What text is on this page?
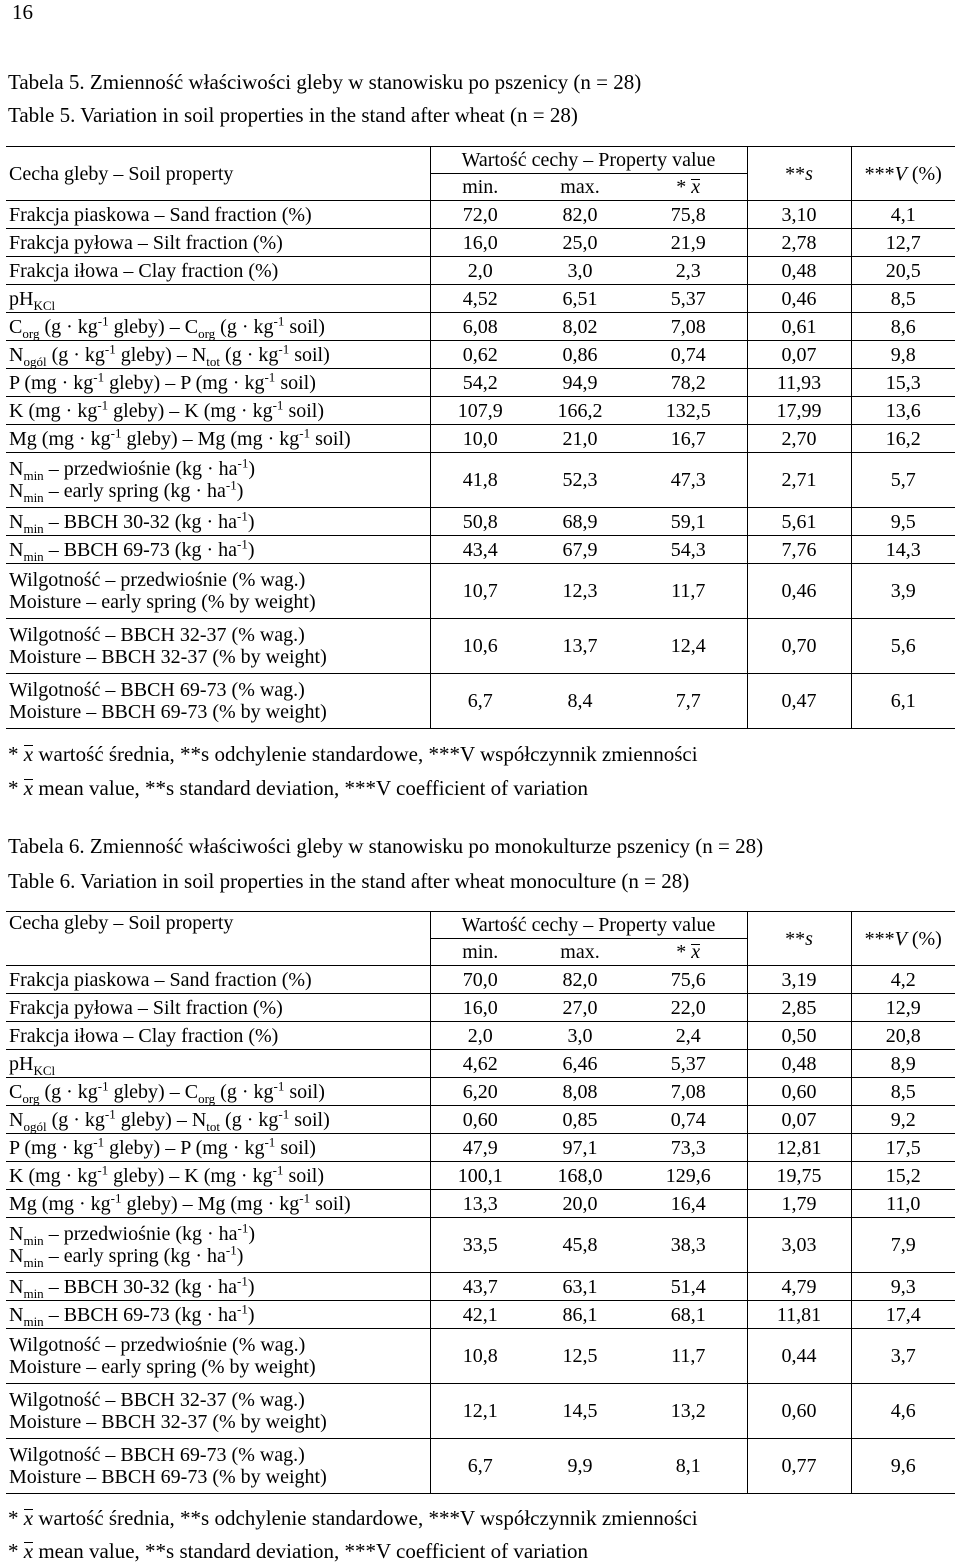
16
Tabela 5. Zmienność właściwości gleby w stanowisku po pszenicy (n = 28)
Table 5. Variation in soil properties in the stand after wheat (n = 28)
Cecha gleby – Soil property	Wartość cechy – Property value			**s	***V (%)
	min.	max.	* x		
Frakcja piaskowa – Sand fraction (%)	72,0	82,0	75,8	3,10	4,1
Frakcja pyłowa – Silt fraction (%)	16,0	25,0	21,9	2,78	12,7
Frakcja iłowa – Clay fraction (%)	2,0	3,0	2,3	0,48	20,5
$pH_{KCl}$	4,52	6,51	5,37	0,46	8,5
$C_{org}$ ($g \cdot kg^{-1}$ gleby) – $C_{org}$ ($g \cdot kg^{-1}$ soil)	6,08	8,02	7,08	0,61	8,6
$N_{ogól}$ ($g \cdot kg^{-1}$ gleby) – $N_{tot}$ ($g \cdot kg^{-1}$ soil)	0,62	0,86	0,74	0,07	9,8
P ($mg \cdot kg^{-1}$ gleby) – P ($mg \cdot kg^{-1}$ soil)	54,2	94,9	78,2	11,93	15,3
K ($mg \cdot kg^{-1}$ gleby) – K ($mg \cdot kg^{-1}$ soil)	107,9	166,2	132,5	17,99	13,6
Mg ($mg \cdot kg^{-1}$ gleby) – Mg ($mg \cdot kg^{-1}$ soil)	10,0	21,0	16,7	2,70	16,2
$N_{min}$ – przedwiośnie $(kg \cdot ha^{-1})$
$N_{min}$ – early spring $(kg \cdot ha^{-1})$	41,8	52,3	47,3	2,71	5,7
$N_{min}$ – BBCH 30-32 $(kg \cdot ha^{-1})$	50,8	68,9	59,1	5,61	9,5
$N_{min}$ – BBCH 69-73 $(kg \cdot ha^{-1})$	43,4	67,9	54,3	7,76	14,3
Wilgotność – przedwiośnie (% wag.)
Moisture – early spring (% by weight)	10,7	12,3	11,7	0,46	3,9
Wilgotność – BBCH 32-37 (% wag.)
Moisture – BBCH 32-37 (% by weight)	10,6	13,7	12,4	0,70	5,6
Wilgotność – BBCH 69-73 (% wag.)
Moisture – BBCH 69-73 (% by weight)	6,7	8,4	7,7	0,47	6,1
* x wartość średnia, **s odchylenie standardowe, ***V współczynnik zmienności
* x mean value, **s standard deviation, ***V coefficient of variation
Tabela 6. Zmienność właściwości gleby w stanowisku po monokulturze pszenicy (n = 28)
Table 6. Variation in soil properties in the stand after wheat monoculture (n = 28)
Cecha gleby – Soil property	Wartość cechy – Property value			**s	***V (%)
	min.	max.	* x		
Frakcja piaskowa – Sand fraction (%)	70,0	82,0	75,6	3,19	4,2
Frakcja pyłowa – Silt fraction (%)	16,0	27,0	22,0	2,85	12,9
Frakcja iłowa – Clay fraction (%)	2,0	3,0	2,4	0,50	20,8
$pH_{KCl}$	4,62	6,46	5,37	0,48	8,9
$C_{org}$ ($g \cdot kg^{-1}$ gleby) – $C_{org}$ ($g \cdot kg^{-1}$ soil)	6,20	8,08	7,08	0,60	8,5
$N_{ogól}$ ($g \cdot kg^{-1}$ gleby) – $N_{tot}$ ($g \cdot kg^{-1}$ soil)	0,60	0,85	0,74	0,07	9,2
P ($mg \cdot kg^{-1}$ gleby) – P ($mg \cdot kg^{-1}$ soil)	47,9	97,1	73,3	12,81	17,5
K ($mg \cdot kg^{-1}$ gleby) – K ($mg \cdot kg^{-1}$ soil)	100,1	168,0	129,6	19,75	15,2
Mg ($mg \cdot kg^{-1}$ gleby) – Mg ($mg \cdot kg^{-1}$ soil)	13,3	20,0	16,4	1,79	11,0
$N_{min}$ – przedwiośnie $(kg \cdot ha^{-1})$
$N_{min}$ – early spring $(kg \cdot ha^{-1})$	33,5	45,8	38,3	3,03	7,9
$N_{min}$ – BBCH 30-32 $(kg \cdot ha^{-1})$	43,7	63,1	51,4	4,79	9,3
$N_{min}$ – BBCH 69-73 $(kg \cdot ha^{-1})$	42,1	86,1	68,1	11,81	17,4
Wilgotność – przedwiośnie (% wag.)
Moisture – early spring (% by weight)	10,8	12,5	11,7	0,44	3,7
Wilgotność – BBCH 32-37 (% wag.)
Moisture – BBCH 32-37 (% by weight)	12,1	14,5	13,2	0,60	4,6
Wilgotność – BBCH 69-73 (% wag.)
Moisture – BBCH 69-73 (% by weight)	6,7	9,9	8,1	0,77	9,6
* x wartość średnia, **s odchylenie standardowe, ***V współczynnik zmienności
* x mean value, **s standard deviation, ***V coefficient of variation
